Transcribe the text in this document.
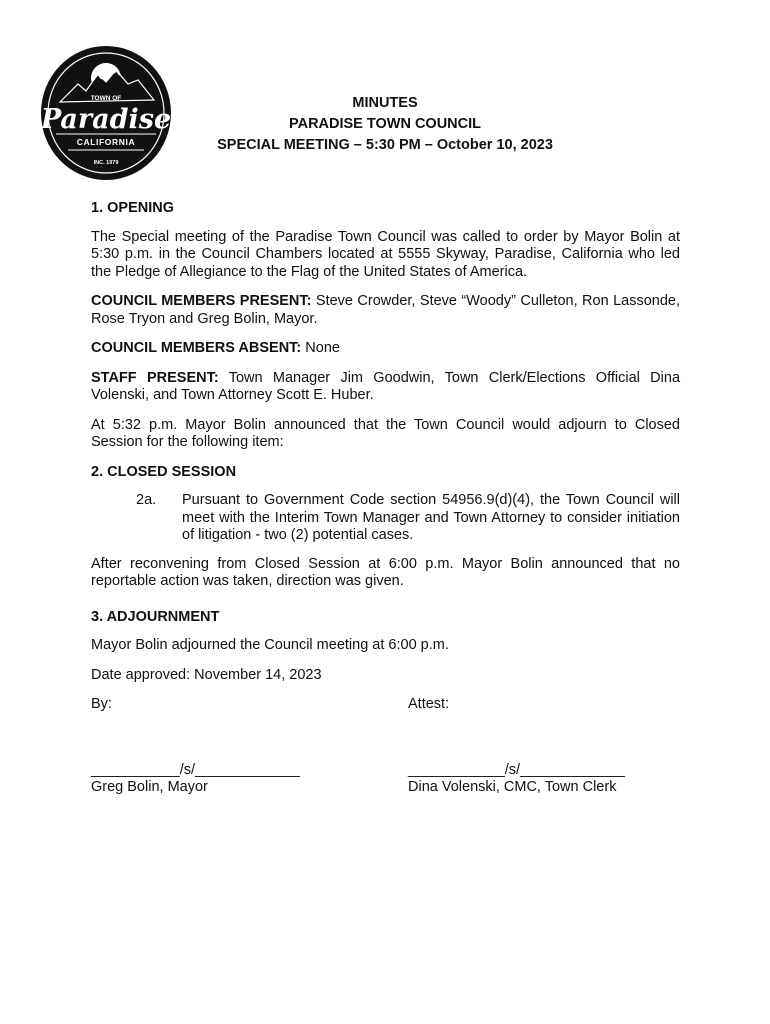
TOWN OF
Paradise
CALIFORNIA
INC. 1979
MINUTES
PARADISE TOWN COUNCIL
SPECIAL MEETING – 5:30 PM – October 10, 2023
1. OPENING
The Special meeting of the Paradise Town Council was called to order by Mayor Bolin at 5:30 p.m. in the Council Chambers located at 5555 Skyway, Paradise, California who led the Pledge of Allegiance to the Flag of the United States of America.
COUNCIL MEMBERS PRESENT: Steve Crowder, Steve “Woody” Culleton, Ron Lassonde, Rose Tryon and Greg Bolin, Mayor.
COUNCIL MEMBERS ABSENT: None
STAFF PRESENT: Town Manager Jim Goodwin, Town Clerk/Elections Official Dina Volenski, and Town Attorney Scott E. Huber.
At 5:32 p.m. Mayor Bolin announced that the Town Council would adjourn to Closed Session for the following item:
2. CLOSED SESSION
2a.	Pursuant to Government Code section 54956.9(d)(4), the Town Council will meet with the Interim Town Manager and Town Attorney to consider initiation of litigation - two (2) potential cases.
After reconvening from Closed Session at 6:00 p.m. Mayor Bolin announced that no reportable action was taken, direction was given.
3. ADJOURNMENT
Mayor Bolin adjourned the Council meeting at 6:00 p.m.
Date approved: November 14, 2023
By:	Attest:
___________/s/_____________	____________/s/_____________
Greg Bolin, Mayor	Dina Volenski, CMC, Town Clerk
